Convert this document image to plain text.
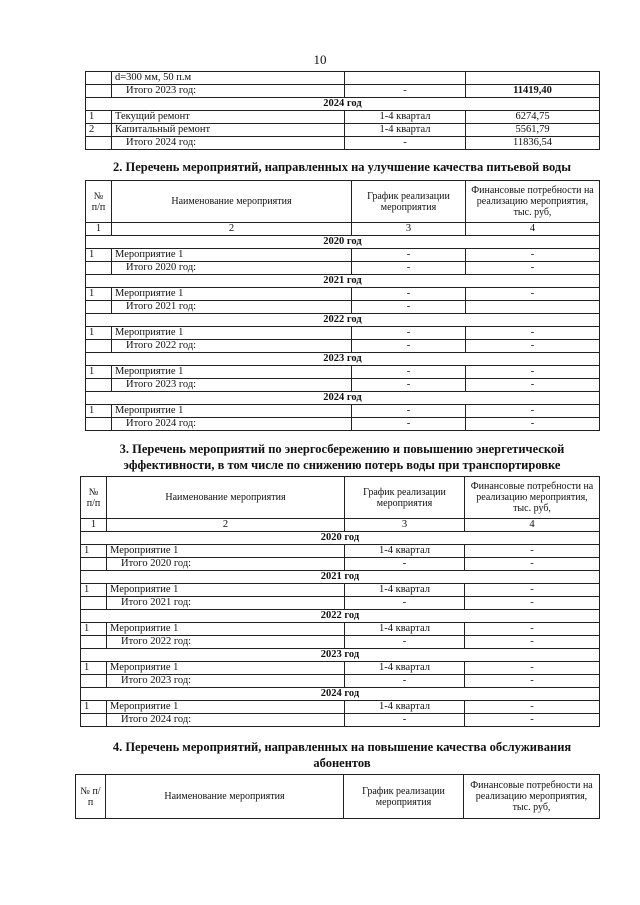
10
	d=300 мм, 50 п.м		
	Итого 2023 год:	-	11419,40
2024 год			
1	Текущий ремонт	1-4 квартал	6274,75
2	Капитальный ремонт	1-4 квартал	5561,79
	Итого 2024 год:	-	11836,54
2. Перечень мероприятий, направленных на улучшение качества питьевой воды
№ п/п	Наименование мероприятия	График реализации мероприятия	Финансовые потребности на реализацию мероприятия, тыс. руб,
1	2	3	4
2020 год			
1	Мероприятие 1	-	-
	Итого 2020 год:	-	-
2021 год			
1	Мероприятие 1	-	-
	Итого 2021 год:	-	
2022 год			
1	Мероприятие 1	-	-
	Итого 2022 год:	-	-
2023 год			
1	Мероприятие 1	-	-
	Итого 2023 год:	-	-
2024 год			
1	Мероприятие 1	-	-
	Итого 2024 год:	-	-
3. Перечень мероприятий по энергосбережению и повышению энергетической
эффективности, в том числе по снижению потерь воды при транспортировке
№ п/п	Наименование мероприятия	График реализации мероприятия	Финансовые потребности на реализацию мероприятия, тыс. руб,
1	2	3	4
2020 год			
1	Мероприятие 1	1-4 квартал	-
	Итого 2020 год:	-	-
2021 год			
1	Мероприятие 1	1-4 квартал	-
	Итого 2021 год:	-	-
2022 год			
1	Мероприятие 1	1-4 квартал	-
	Итого 2022 год:	-	-
2023 год			
1	Мероприятие 1	1-4 квартал	-
	Итого 2023 год:	-	-
2024 год			
1	Мероприятие 1	1-4 квартал	-
	Итого 2024 год:	-	-
4. Перечень мероприятий, направленных на повышение качества обслуживания
абонентов
№ п/п	Наименование мероприятия	График реализации мероприятия	Финансовые потребности на реализацию мероприятия, тыс. руб,
